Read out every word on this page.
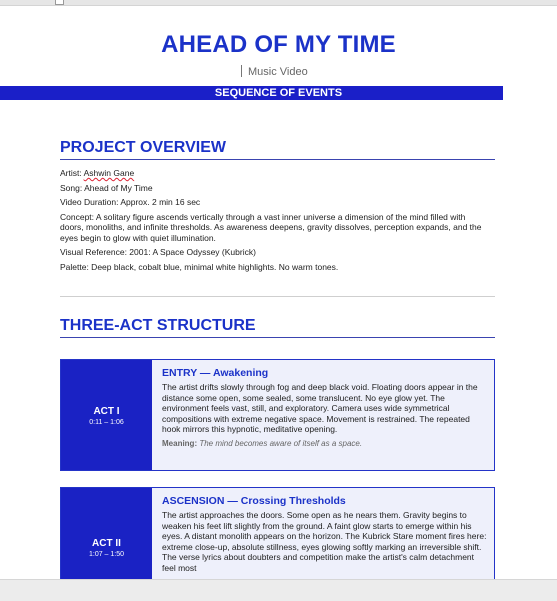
AHEAD OF MY TIME
Music Video
SEQUENCE OF EVENTS
PROJECT OVERVIEW

Artist: Ashwin Gane

Song: Ahead of My Time

Video Duration: Approx. 2 min 16 sec

Concept: A solitary figure ascends vertically through a vast inner universe a dimension of the mind filled with doors, monoliths, and infinite thresholds. As awareness deepens, gravity dissolves, perception expands, and the eyes begin to glow with quiet illumination.

Visual Reference: 2001: A Space Odyssey (Kubrick)

Palette: Deep black, cobalt blue, minimal white highlights. No warm tones.

THREE-ACT STRUCTURE
ACT I
0:11 – 1:06
ENTRY — Awakening
The artist drifts slowly through fog and deep black void. Floating doors appear in the distance some open, some sealed, some translucent. No eye glow yet. The environment feels vast, still, and exploratory. Camera uses wide symmetrical compositions with extreme negative space. Movement is restrained. The repeated hook mirrors this hypnotic, meditative opening.
Meaning: The mind becomes aware of itself as a space.
ACT II
1:07 – 1:50
ASCENSION — Crossing Thresholds
The artist approaches the doors. Some open as he nears them. Gravity begins to weaken his feet lift slightly from the ground. A faint glow starts to emerge within his eyes. A distant monolith appears on the horizon. The Kubrick Stare moment fires here: extreme close-up, absolute stillness, eyes glowing softly marking an irreversible shift. The verse lyrics about doubters and competition make the artist's calm detachment feel most
